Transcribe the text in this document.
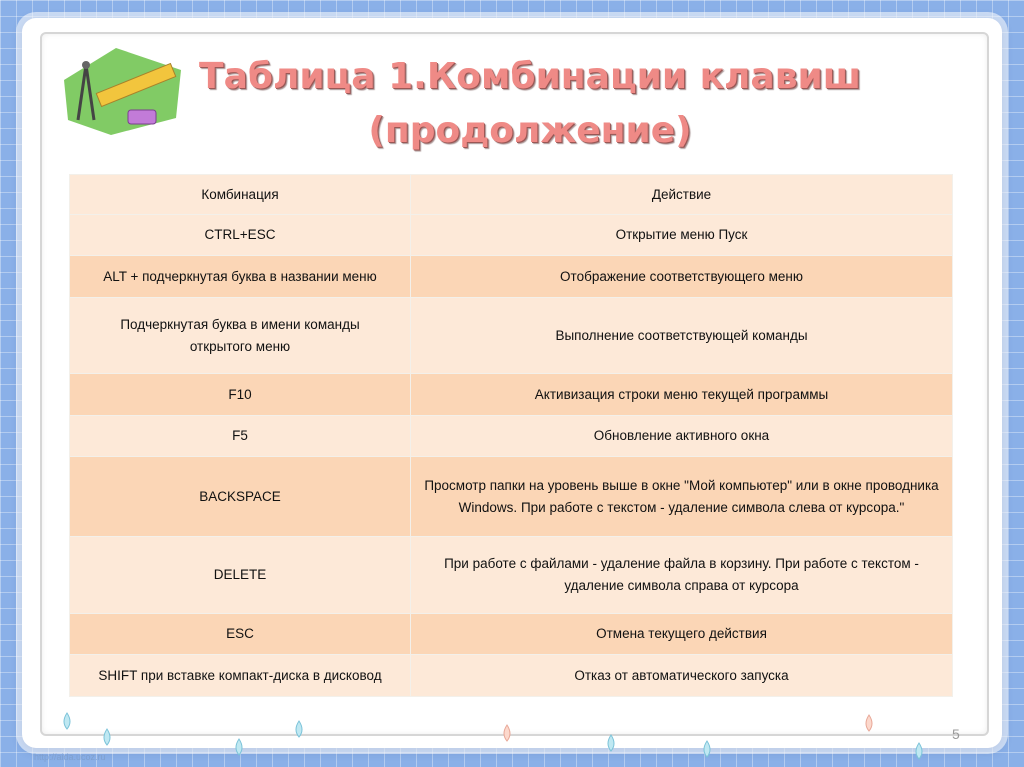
Таблица 1.Комбинации клавиш
(продолжение)
Комбинация	Действие
CTRL+ESC	Открытие меню Пуск
ALT + подчеркнутая буква в названии меню	Отображение соответствующего меню
Подчеркнутая буква в имени команды открытого меню	Выполнение соответствующей команды
F10	Активизация строки меню текущей программы
F5	Обновление активного окна
BACKSPACE	Просмотр папки на уровень выше в окне "Мой компьютер" или в окне проводника Windows. При работе с текстом - удаление символа слева от курсора."
DELETE	При работе с файлами - удаление файла в корзину. При работе с текстом - удаление символа справа от курсора
ESC	Отмена текущего действия
SHIFT при вставке компакт-диска в дисковод	Отказ от автоматического запуска
5
http://aida.ucoz.ru
